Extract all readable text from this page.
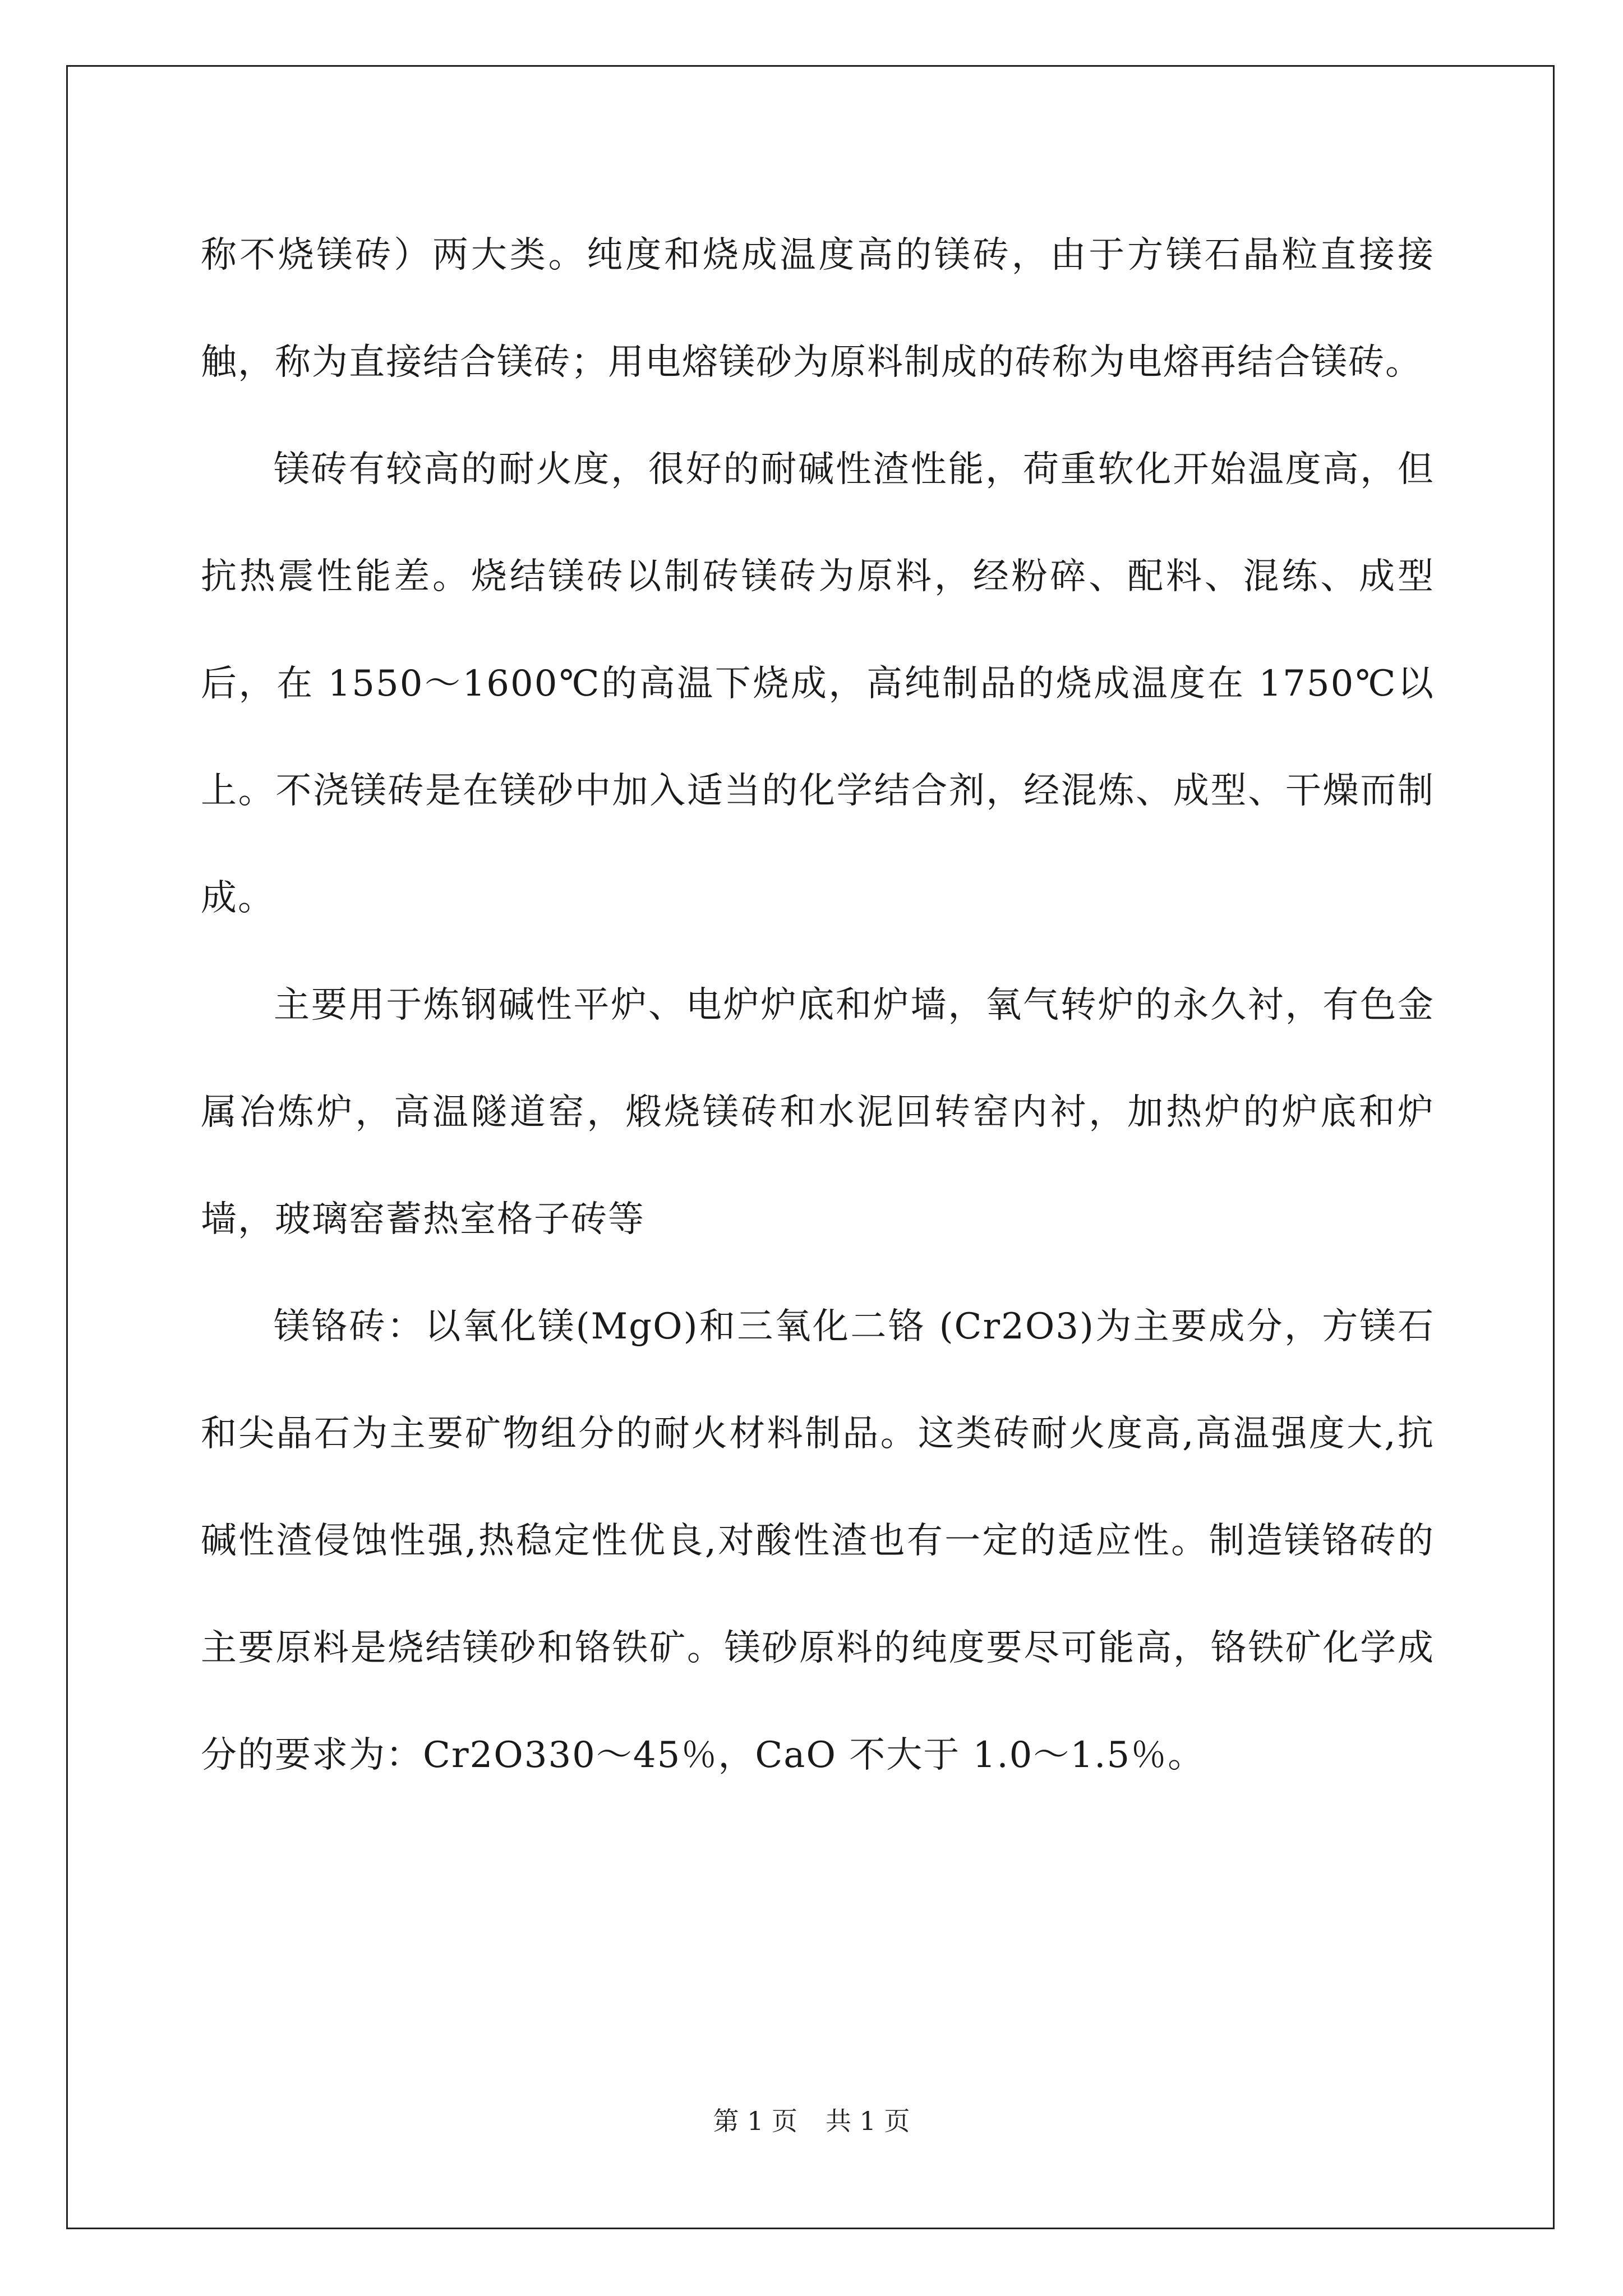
称不烧镁砖）两大类。纯度和烧成温度高的镁砖，由于方镁石晶粒直接接触，称为直接结合镁砖；用电熔镁砂为原料制成的砖称为电熔再结合镁砖。

镁砖有较高的耐火度，很好的耐碱性渣性能，荷重软化开始温度高，但抗热震性能差。烧结镁砖以制砖镁砖为原料，经粉碎、配料、混练、成型后，在 1550～1600℃的高温下烧成，高纯制品的烧成温度在 1750℃以上。不浇镁砖是在镁砂中加入适当的化学结合剂，经混炼、成型、干燥而制成。

主要用于炼钢碱性平炉、电炉炉底和炉墙，氧气转炉的永久衬，有色金属冶炼炉，高温隧道窑，煅烧镁砖和水泥回转窑内衬，加热炉的炉底和炉墙，玻璃窑蓄热室格子砖等

镁铬砖：以氧化镁(MgO)和三氧化二铬 (Cr2O3)为主要成分，方镁石和尖晶石为主要矿物组分的耐火材料制品。这类砖耐火度高,高温强度大,抗碱性渣侵蚀性强,热稳定性优良,对酸性渣也有一定的适应性。制造镁铬砖的主要原料是烧结镁砂和铬铁矿。镁砂原料的纯度要尽可能高，铬铁矿化学成分的要求为：Cr2O330～45％，CaO 不大于 1.0～1.5％。

第 1 页 共 1 页
